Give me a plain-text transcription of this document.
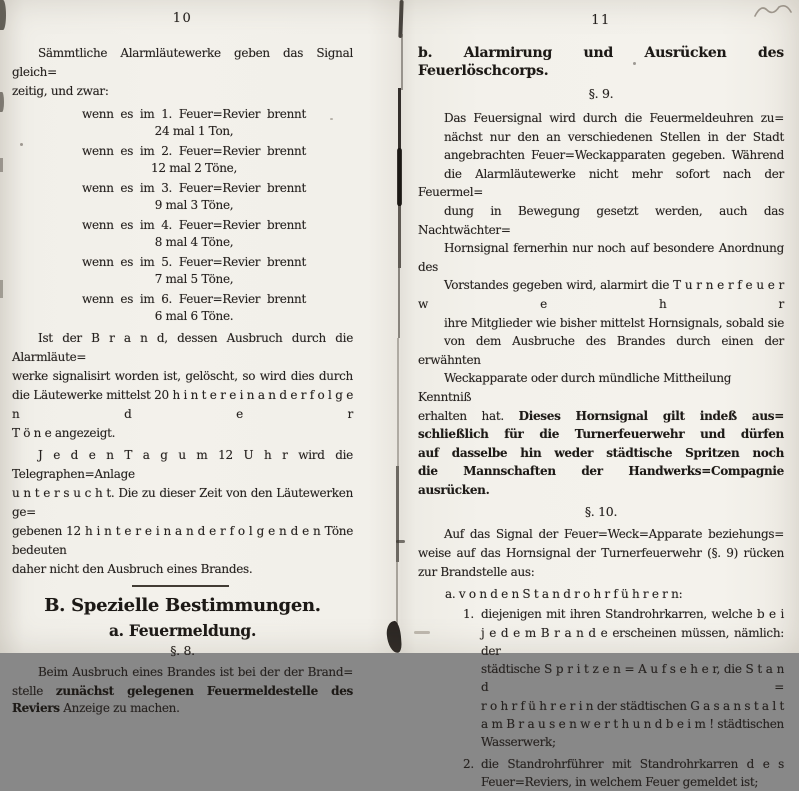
10
Sämmtliche Alarmläutewerke geben das Signal gleich=
zeitig, und zwar:
wenn es im 1. Feuer=Revier brennt
24 mal 1 Ton,
wenn es im 2. Feuer=Revier brennt
12 mal 2 Töne,
wenn es im 3. Feuer=Revier brennt
9 mal 3 Töne,
wenn es im 4. Feuer=Revier brennt
8 mal 4 Töne,
wenn es im 5. Feuer=Revier brennt
7 mal 5 Töne,
wenn es im 6. Feuer=Revier brennt
6 mal 6 Töne.
Ist der B r a n d, dessen Ausbruch durch die Alarmläute=
werke signalisirt worden ist, gelöscht, so wird dies durch
die Läutewerke mittelst 20 h i n t e r e i n a n d e r f o l g e n d e r
T ö n e angezeigt.
J e d e n T a g u m 12 U h r wird die Telegraphen=Anlage
u n t e r s u c h t. Die zu dieser Zeit von den Läutewerken ge=
gebenen 12 h i n t e r e i n a n d e r f o l g e n d e n Töne bedeuten
daher nicht den Ausbruch eines Brandes.
B. Spezielle Bestimmungen.
a. Feuermeldung.
§. 8.
Beim Ausbruch eines Brandes ist bei der der Brand=
stelle zunächst gelegenen Feuermeldestelle des
Reviers Anzeige zu machen.
11
b. Alarmirung und Ausrücken des Feuerlöschcorps.
§. 9.
Das Feuersignal wird durch die Feuermeldeuhren zu=
nächst nur den an verschiedenen Stellen in der Stadt
angebrachten Feuer=Weckapparaten gegeben. Während
die Alarmläutewerke nicht mehr sofort nach der Feuermel=
dung in Bewegung gesetzt werden, auch das Nachtwächter=
Hornsignal fernerhin nur noch auf besondere Anordnung des
Vorstandes gegeben wird, alarmirt die T u r n e r f e u e r w e h r
ihre Mitglieder wie bisher mittelst Hornsignals, sobald sie
von dem Ausbruche des Brandes durch einen der erwähnten
Weckapparate oder durch mündliche Mittheilung Kenntniß
erhalten hat. Dieses Hornsignal gilt indeß aus=
schließlich für die Turnerfeuerwehr und dürfen
auf dasselbe hin weder städtische Spritzen noch
die Mannschaften der Handwerks=Compagnie
ausrücken.
§. 10.
Auf das Signal der Feuer=Weck=Apparate beziehungs=
weise auf das Hornsignal der Turnerfeuerwehr (§. 9) rücken
zur Brandstelle aus:
a. v o n d e n S t a n d r o h r f ü h r e r n:
1. diejenigen mit ihren Standrohrkarren, welche b e i
j e d e m B r a n d e erscheinen müssen, nämlich: der
städtische S p r i t z e n = A u f s e h e r, die S t a n d =
r o h r f ü h r e r i n der städtischen G a s a n s t a l t
a m B r a u s e n w e r t h u n d b e i m ! städtischen
Wasserwerk;
2. die Standrohrführer mit Standrohrkarren d e s
Feuer=Reviers, in welchem Feuer gemeldet ist;
